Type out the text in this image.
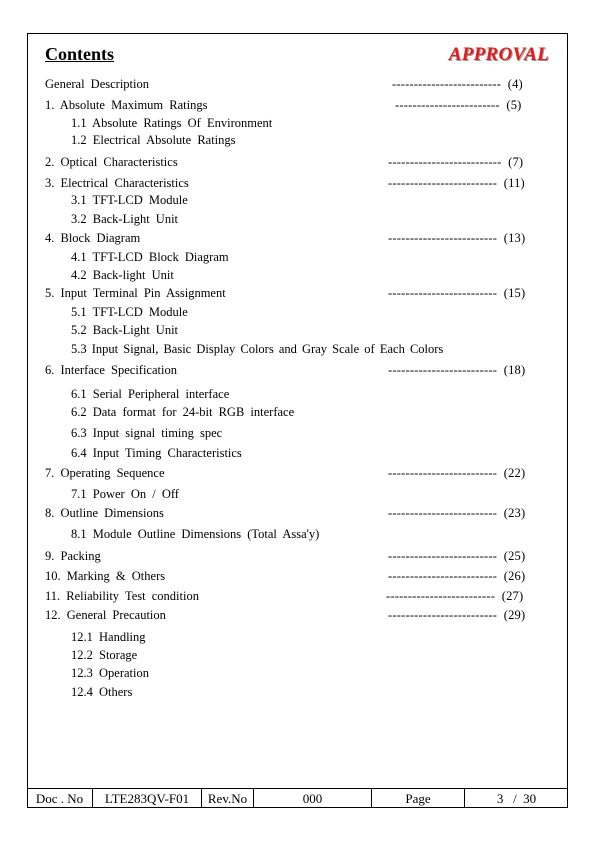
Contents	APPROVAL
General Description	------------------------- (4)
1. Absolute Maximum Ratings	------------------------ (5)
1.1 Absolute Ratings Of Environment
1.2 Electrical Absolute Ratings
2. Optical Characteristics	-------------------------- (7)
3. Electrical Characteristics	------------------------- (11)
3.1 TFT-LCD Module
3.2 Back-Light Unit
4. Block Diagram	------------------------- (13)
4.1 TFT-LCD Block Diagram
4.2 Back-light Unit
5. Input Terminal Pin Assignment	------------------------- (15)
5.1 TFT-LCD Module
5.2 Back-Light Unit
5.3 Input Signal, Basic Display Colors and Gray Scale of Each Colors
6. Interface Specification	------------------------- (18)
6.1 Serial Peripheral interface
6.2 Data format for 24-bit RGB interface
6.3 Input signal timing spec
6.4 Input Timing Characteristics
7. Operating Sequence	------------------------- (22)
7.1 Power On / Off
8. Outline Dimensions	------------------------- (23)
8.1 Module Outline Dimensions (Total Assa'y)
9. Packing	------------------------- (25)
10. Marking & Others	------------------------- (26)
11. Reliability Test condition	------------------------- (27)
12. General Precaution	------------------------- (29)
12.1 Handling
12.2 Storage
12.3 Operation
12.4 Others
Doc . No	LTE283QV-F01	Rev.No	000	Page	3   /  30
